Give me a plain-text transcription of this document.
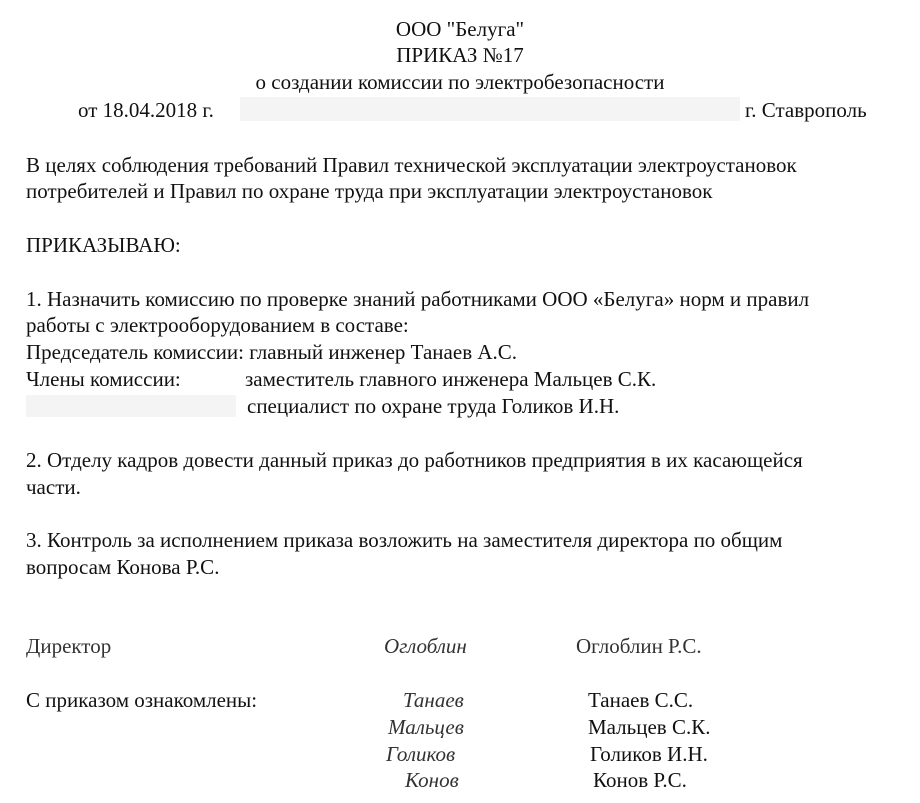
ООО "Белуга"
ПРИКАЗ №17
о создании комиссии по электробезопасности
от 18.04.2018 г.	г. Ставрополь
В целях соблюдения требований Правил технической эксплуатации электроустановок
потребителей и Правил по охране труда при эксплуатации электроустановок
ПРИКАЗЫВАЮ:
1. Назначить комиссию по проверке знаний работниками ООО «Белуга» норм и правил
работы с электрооборудованием в составе:
Председатель комиссии: главный инженер Танаев А.С.
Члены комиссии:	заместитель главного инженера Мальцев С.К.
специалист по охране труда Голиков И.Н.
2. Отделу кадров довести данный приказ до работников предприятия в их касающейся
части.
3. Контроль за исполнением приказа возложить на заместителя директора по общим
вопросам Конова Р.С.
Директор	Оглоблин	Оглоблин Р.С.
С приказом ознакомлены:	Танаев	Танаев С.С.
Мальцев	Мальцев С.К.
Голиков	Голиков И.Н.
Конов	Конов Р.С.
